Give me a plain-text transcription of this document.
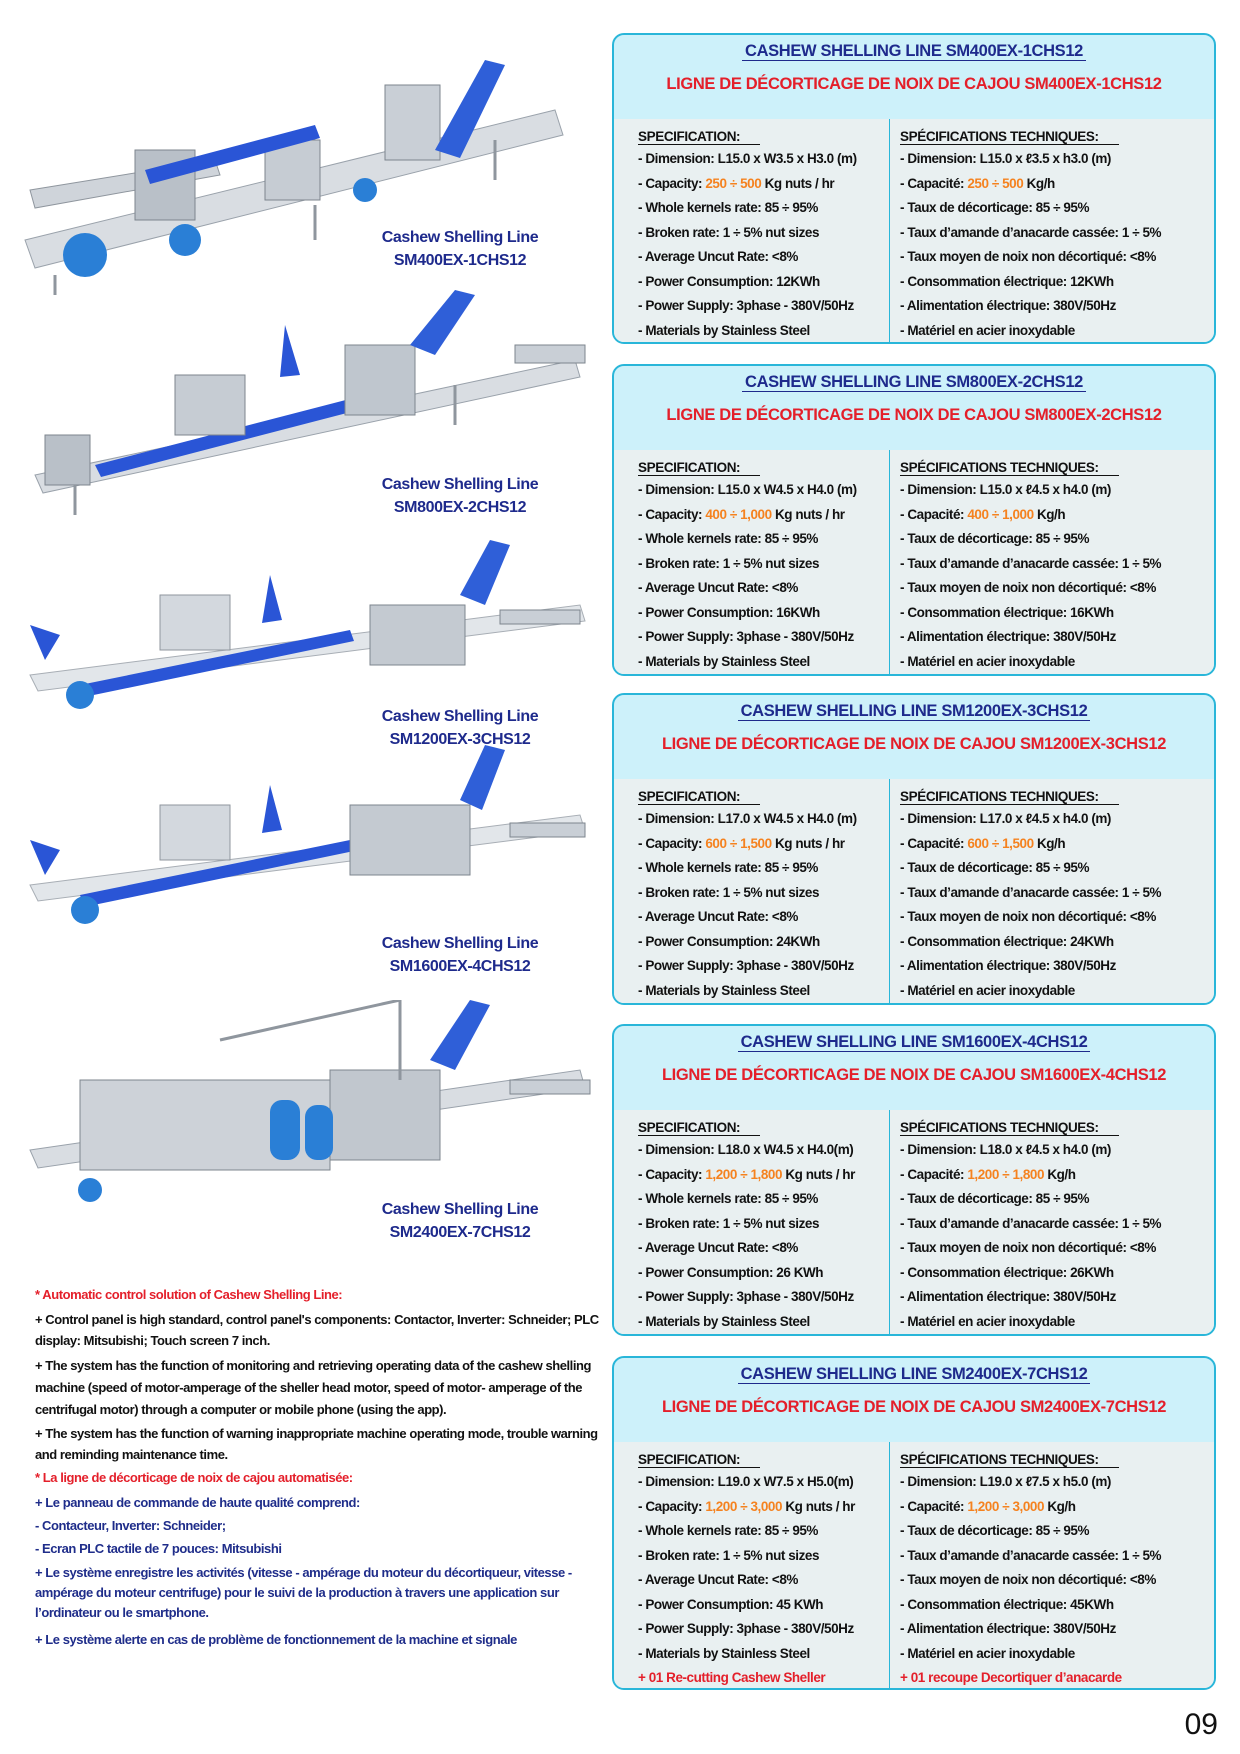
Cashew Shelling Line
SM400EX-1CHS12
Cashew Shelling Line
SM800EX-2CHS12
Cashew Shelling Line
SM1200EX-3CHS12
Cashew Shelling Line
SM1600EX-4CHS12
Cashew Shelling Line
SM2400EX-7CHS12

* Automatic control solution of Cashew Shelling Line:

+ Control panel is high standard, control panel's components: Contactor, Inverter: Schneider; PLC display: Mitsubishi; Touch screen 7 inch.

+ The system has the function of monitoring and retrieving operating data of the cashew shelling machine (speed of motor-amperage of the sheller head motor, speed of motor- amperage of the centrifugal motor) through a computer or mobile phone (using the app).

+ The system has the function of warning inappropriate machine operating mode, trouble warning and reminding maintenance time.

* La ligne de décorticage de noix de cajou automatisée:

+ Le panneau de commande de haute qualité comprend:

- Contacteur, Inverter: Schneider;

- Ecran PLC tactile de 7 pouces: Mitsubishi

+ Le système enregistre les activités (vitesse - ampérage du moteur du décortiqueur, vitesse - ampérage du moteur centrifuge) pour le suivi de la production à travers une application sur l’ordinateur ou le smartphone.

+ Le système alerte en cas de problème de fonctionnement de la machine et signale

CASHEW SHELLING LINE SM400EX-1CHS12
LIGNE DE DÉCORTICAGE DE NOIX DE CAJOU SM400EX-1CHS12
SPECIFICATION:
- Dimension: L15.0 x W3.5 x H3.0 (m)
- Capacity: 250 ÷ 500 Kg nuts / hr
- Whole kernels rate: 85 ÷ 95%
- Broken rate: 1 ÷ 5% nut sizes
- Average Uncut Rate: <8%
- Power Consumption: 12KWh
- Power Supply: 3phase - 380V/50Hz
- Materials by Stainless Steel
SPÉCIFICATIONS TECHNIQUES:
- Dimension: L15.0 x ℓ3.5 x h3.0 (m)
- Capacité: 250 ÷ 500 Kg/h
- Taux de décorticage: 85 ÷ 95%
- Taux d’amande d’anacarde cassée: 1 ÷ 5%
- Taux moyen de noix non décortiqué: <8%
- Consommation électrique: 12KWh
- Alimentation électrique: 380V/50Hz
- Matériel en acier inoxydable
CASHEW SHELLING LINE SM800EX-2CHS12
LIGNE DE DÉCORTICAGE DE NOIX DE CAJOU SM800EX-2CHS12
SPECIFICATION:
- Dimension: L15.0 x W4.5 x H4.0 (m)
- Capacity: 400 ÷ 1,000 Kg nuts / hr
- Whole kernels rate: 85 ÷ 95%
- Broken rate: 1 ÷ 5% nut sizes
- Average Uncut Rate: <8%
- Power Consumption: 16KWh
- Power Supply: 3phase - 380V/50Hz
- Materials by Stainless Steel
SPÉCIFICATIONS TECHNIQUES:
- Dimension: L15.0 x ℓ4.5 x h4.0 (m)
- Capacité: 400 ÷ 1,000 Kg/h
- Taux de décorticage: 85 ÷ 95%
- Taux d’amande d’anacarde cassée: 1 ÷ 5%
- Taux moyen de noix non décortiqué: <8%
- Consommation électrique: 16KWh
- Alimentation électrique: 380V/50Hz
- Matériel en acier inoxydable
CASHEW SHELLING LINE SM1200EX-3CHS12
LIGNE DE DÉCORTICAGE DE NOIX DE CAJOU SM1200EX-3CHS12
SPECIFICATION:
- Dimension: L17.0 x W4.5 x H4.0 (m)
- Capacity: 600 ÷ 1,500 Kg nuts / hr
- Whole kernels rate: 85 ÷ 95%
- Broken rate: 1 ÷ 5% nut sizes
- Average Uncut Rate: <8%
- Power Consumption: 24KWh
- Power Supply: 3phase - 380V/50Hz
- Materials by Stainless Steel
SPÉCIFICATIONS TECHNIQUES:
- Dimension: L17.0 x ℓ4.5 x h4.0 (m)
- Capacité: 600 ÷ 1,500 Kg/h
- Taux de décorticage: 85 ÷ 95%
- Taux d’amande d’anacarde cassée: 1 ÷ 5%
- Taux moyen de noix non décortiqué: <8%
- Consommation électrique: 24KWh
- Alimentation électrique: 380V/50Hz
- Matériel en acier inoxydable
CASHEW SHELLING LINE SM1600EX-4CHS12
LIGNE DE DÉCORTICAGE DE NOIX DE CAJOU SM1600EX-4CHS12
SPECIFICATION:
- Dimension: L18.0 x W4.5 x H4.0(m)
- Capacity: 1,200 ÷ 1,800 Kg nuts / hr
- Whole kernels rate: 85 ÷ 95%
- Broken rate: 1 ÷ 5% nut sizes
- Average Uncut Rate: <8%
- Power Consumption: 26 KWh
- Power Supply: 3phase - 380V/50Hz
- Materials by Stainless Steel
SPÉCIFICATIONS TECHNIQUES:
- Dimension: L18.0 x ℓ4.5 x h4.0 (m)
- Capacité: 1,200 ÷ 1,800 Kg/h
- Taux de décorticage: 85 ÷ 95%
- Taux d’amande d’anacarde cassée: 1 ÷ 5%
- Taux moyen de noix non décortiqué: <8%
- Consommation électrique: 26KWh
- Alimentation électrique: 380V/50Hz
- Matériel en acier inoxydable
CASHEW SHELLING LINE SM2400EX-7CHS12
LIGNE DE DÉCORTICAGE DE NOIX DE CAJOU SM2400EX-7CHS12
SPECIFICATION:
- Dimension: L19.0 x W7.5 x H5.0(m)
- Capacity: 1,200 ÷ 3,000 Kg nuts / hr
- Whole kernels rate: 85 ÷ 95%
- Broken rate: 1 ÷ 5% nut sizes
- Average Uncut Rate: <8%
- Power Consumption: 45 KWh
- Power Supply: 3phase - 380V/50Hz
- Materials by Stainless Steel
+ 01 Re-cutting Cashew Sheller
SPÉCIFICATIONS TECHNIQUES:
- Dimension: L19.0 x ℓ7.5 x h5.0 (m)
- Capacité: 1,200 ÷ 3,000 Kg/h
- Taux de décorticage: 85 ÷ 95%
- Taux d’amande d’anacarde cassée: 1 ÷ 5%
- Taux moyen de noix non décortiqué: <8%
- Consommation électrique: 45KWh
- Alimentation électrique: 380V/50Hz
- Matériel en acier inoxydable
+ 01 recoupe Decortiquer d’anacarde
09
